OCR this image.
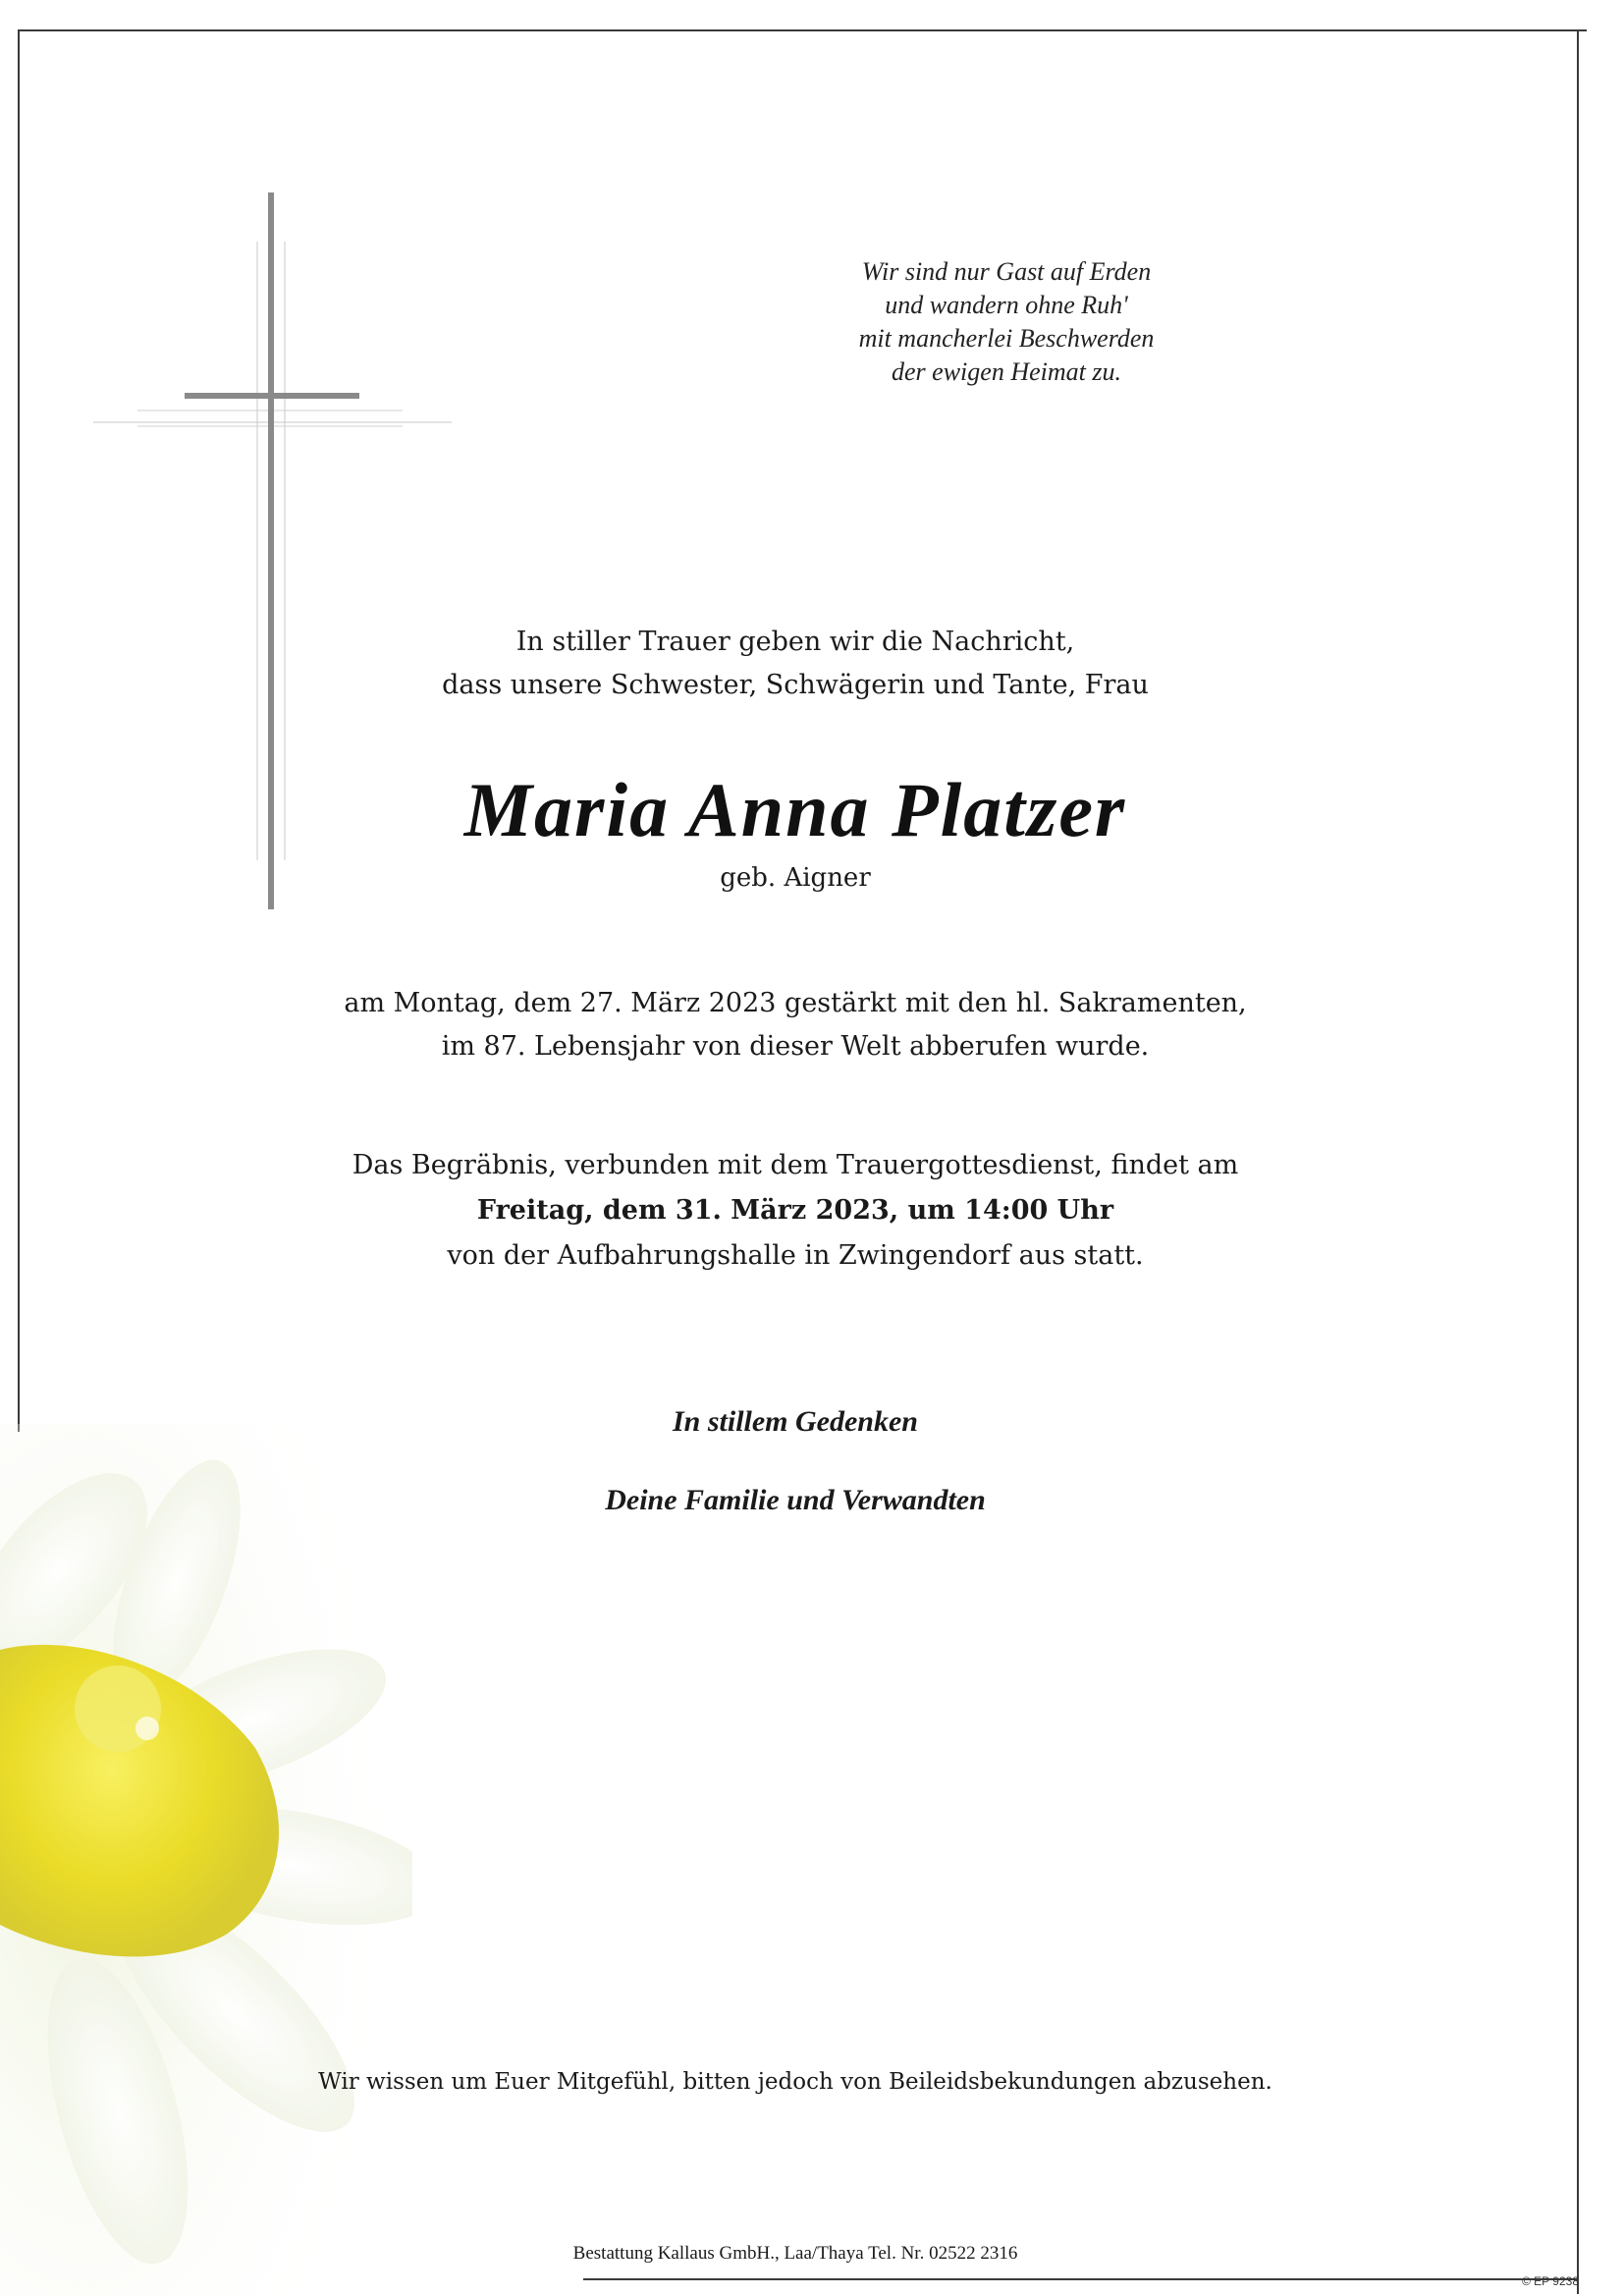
Wir sind nur Gast auf Erden
und wandern ohne Ruh'
mit mancherlei Beschwerden
der ewigen Heimat zu.
In stiller Trauer geben wir die Nachricht,
dass unsere Schwester, Schwägerin und Tante, Frau
Maria Anna Platzer
geb. Aigner
am Montag, dem 27. März 2023 gestärkt mit den hl. Sakramenten,
im 87. Lebensjahr von dieser Welt abberufen wurde.
Das Begräbnis, verbunden mit dem Trauergottesdienst, findet am
Freitag, dem 31. März 2023, um 14:00 Uhr
von der Aufbahrungshalle in Zwingendorf aus statt.
In stillem Gedenken
Deine Familie und Verwandten
Wir wissen um Euer Mitgefühl, bitten jedoch von Beileidsbekundungen abzusehen.
Bestattung Kallaus GmbH., Laa/Thaya Tel. Nr. 02522 2316
© EP 9238
